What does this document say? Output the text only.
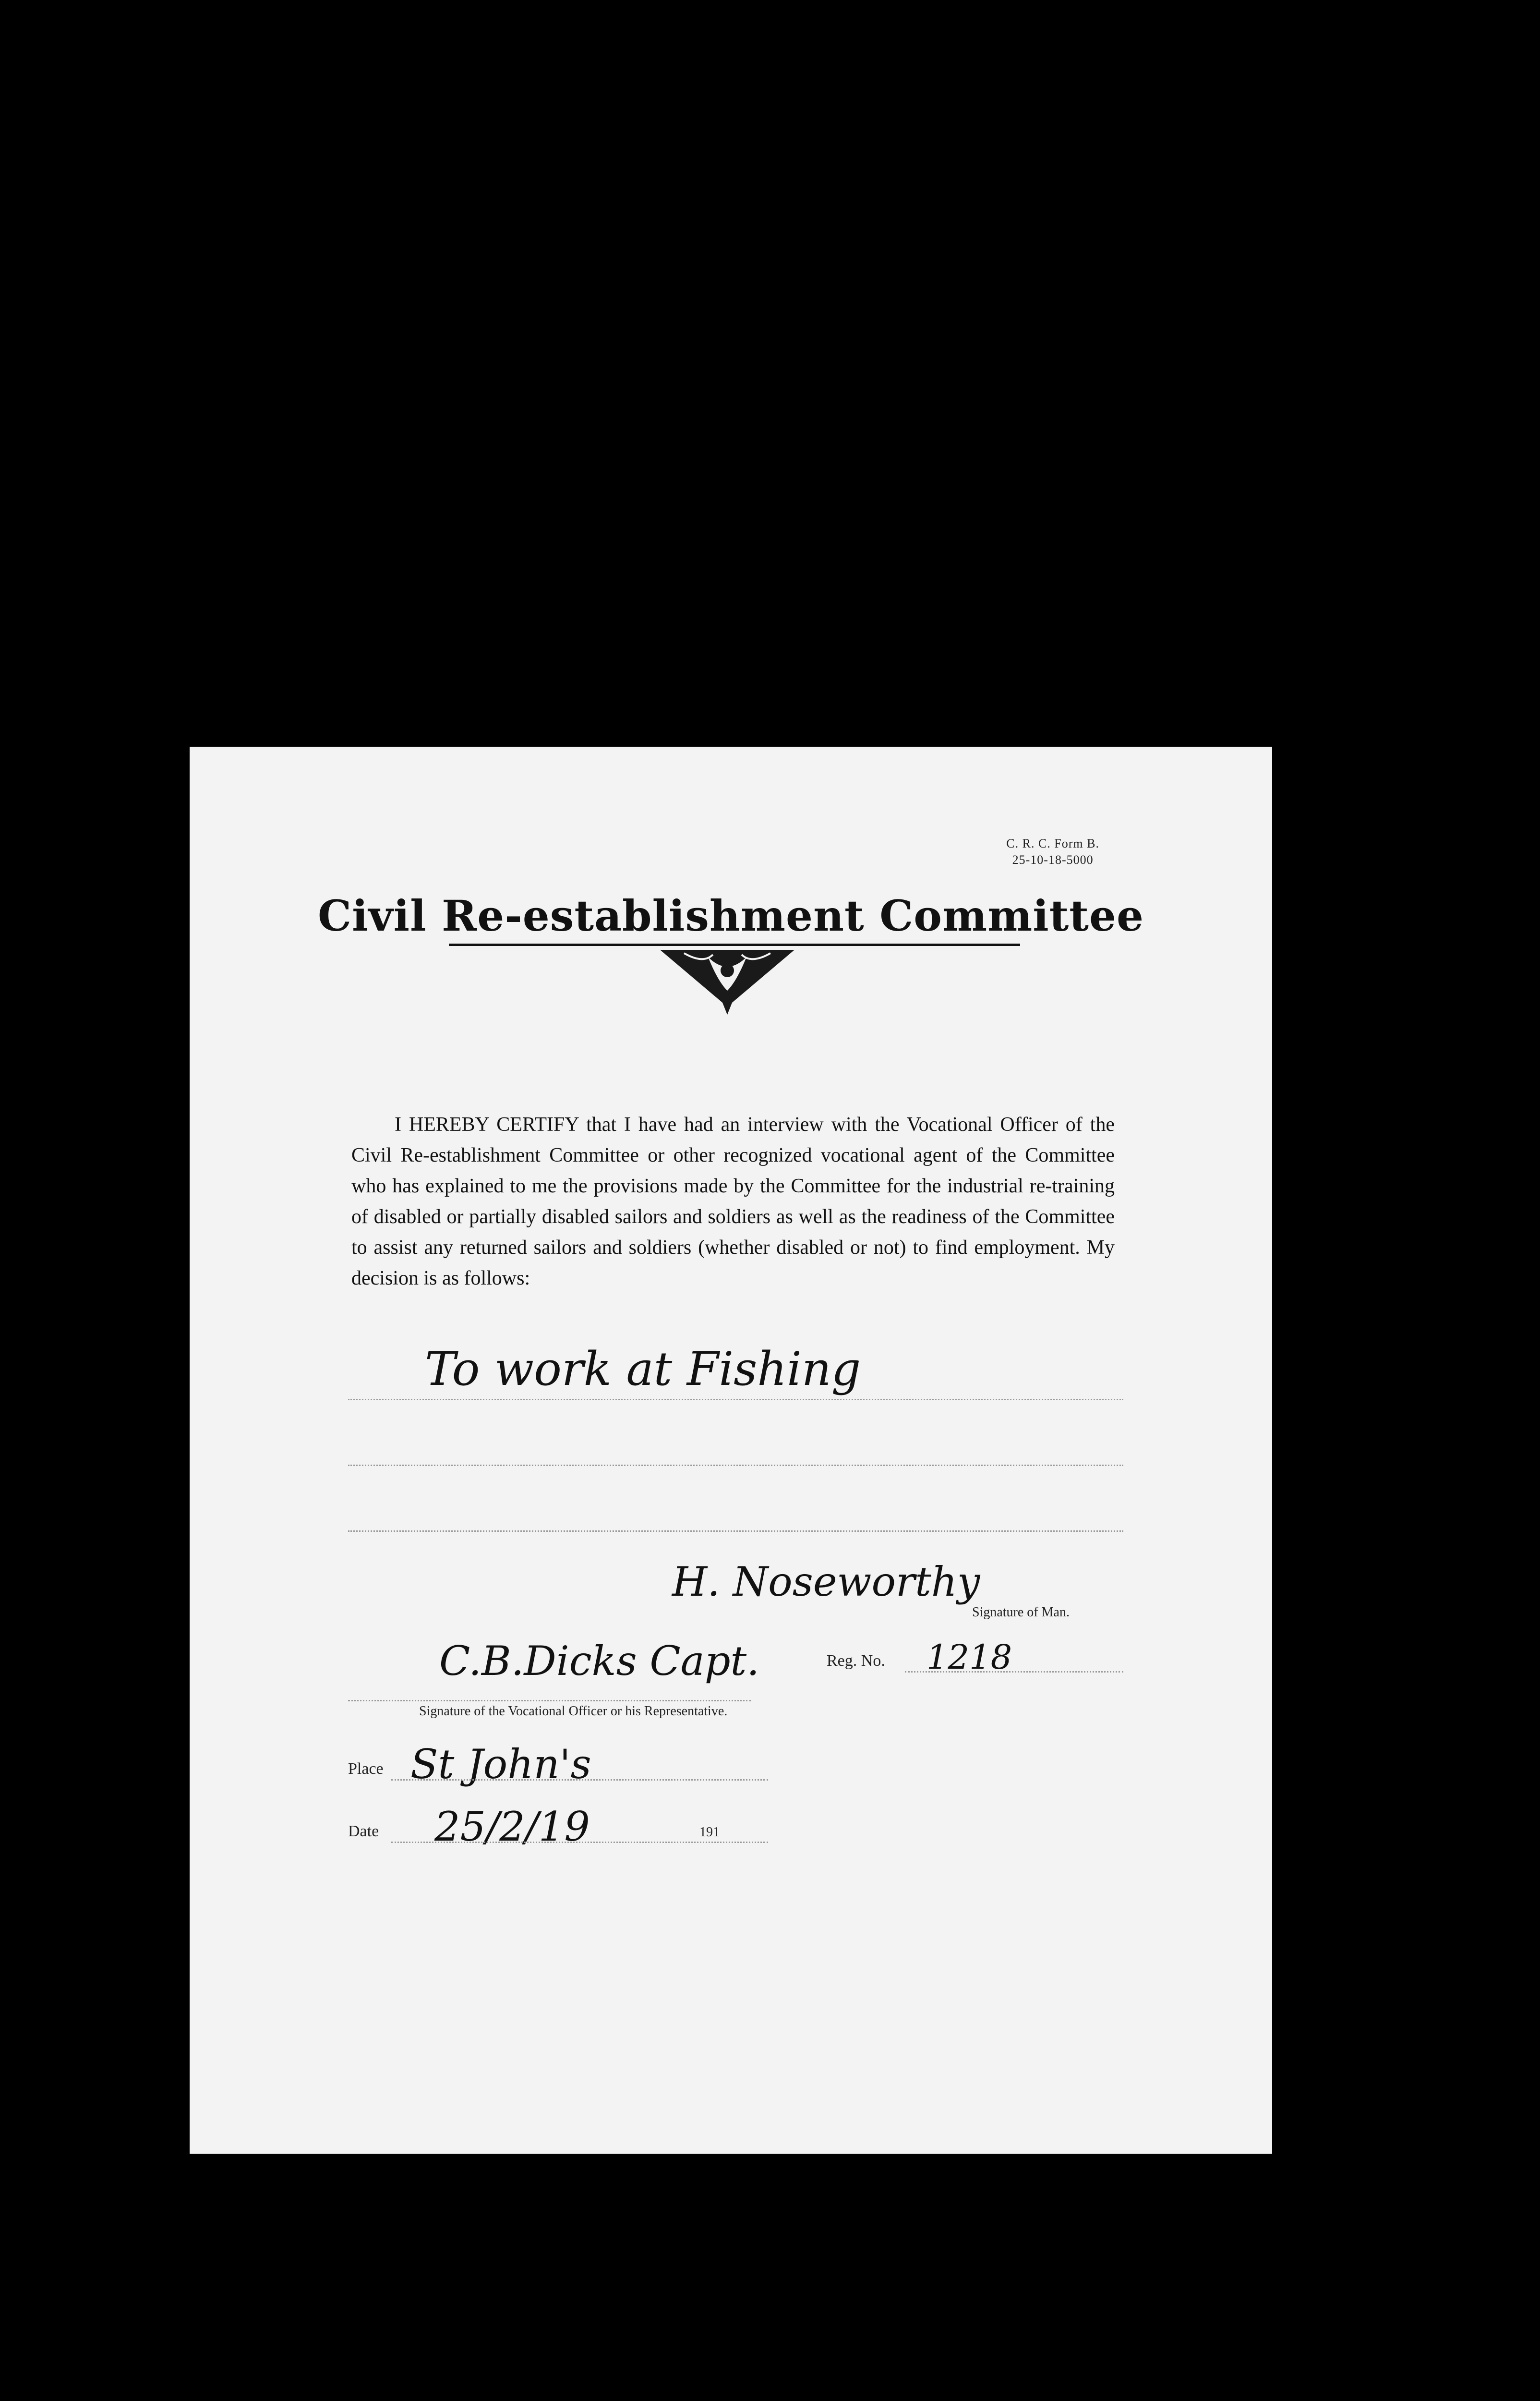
C. R. C. Form B.
25-10-18-5000
Civil Re-establishment Committee
I HEREBY CERTIFY that I have had an interview with the Vocational Officer of the Civil Re-establishment Committee or other recognized vocational agent of the Committee who has explained to me the provisions made by the Committee for the industrial re-training of disabled or partially disabled sailors and soldiers as well as the readiness of the Committee to assist any returned sailors and soldiers (whether disabled or not) to find employment. My decision is as follows:
To work at Fishing
H. Noseworthy
Signature of Man.
Reg. No. 1218
C.B.Dicks Capt.
Signature of the Vocational Officer or his Representative.
Place St John's
Date 25/2/19	191
